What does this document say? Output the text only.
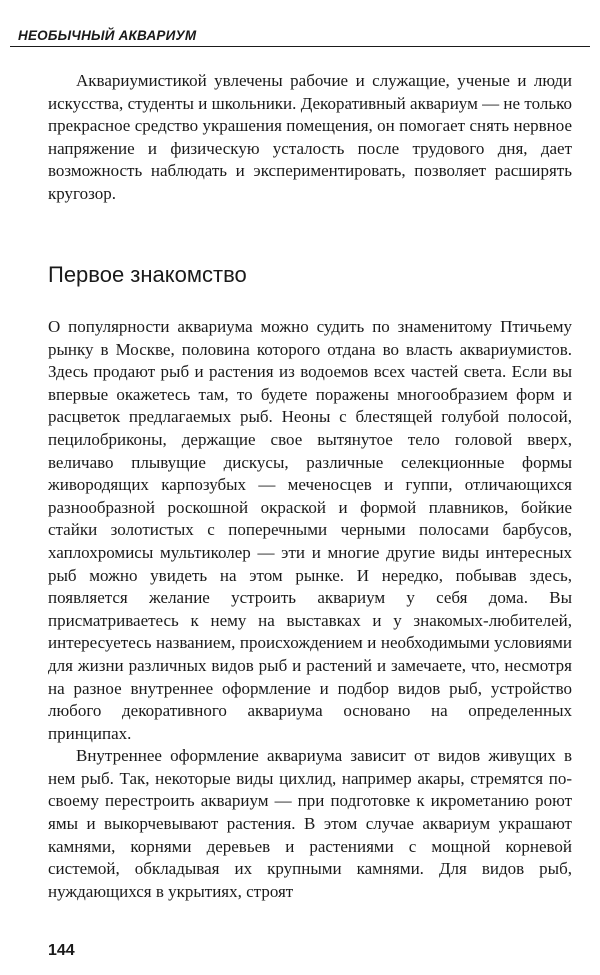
НЕОБЫЧНЫЙ АКВАРИУМ

Аквариумистикой увлечены рабочие и служащие, ученые и люди искусства, студенты и школьники. Декоративный аквариум — не только прекрасное средство украшения помещения, он помогает снять нервное напряжение и физическую усталость после трудового дня, дает возможность наблюдать и экспериментировать, позволяет расширять кругозор.

Первое знакомство

О популярности аквариума можно судить по знаменитому Птичьему рынку в Москве, половина которого отдана во власть аквариумистов. Здесь продают рыб и растения из водоемов всех частей света. Если вы впервые окажетесь там, то будете поражены многообразием форм и расцветок предлагаемых рыб. Неоны с блестящей голубой полосой, пецилобриконы, держащие свое вытянутое тело головой вверх, величаво плывущие дискусы, различные селекционные формы живородящих карпозубых — меченосцев и гуппи, отличающихся разнообразной роскошной окраской и формой плавников, бойкие стайки золотистых с поперечными черными полосами барбусов, хаплохромисы мультиколер — эти и многие другие виды интересных рыб можно увидеть на этом рынке. И нередко, побывав здесь, появляется желание устроить аквариум у себя дома. Вы присматриваетесь к нему на выставках и у знакомых-любителей, интересуетесь названием, происхождением и необходимыми условиями для жизни различных видов рыб и растений и замечаете, что, несмотря на разное внутреннее оформление и подбор видов рыб, устройство любого декоративного аквариума основано на определенных принципах.

Внутреннее оформление аквариума зависит от видов живущих в нем рыб. Так, некоторые виды цихлид, например акары, стремятся по-своему перестроить аквариум — при подготовке к икрометанию роют ямы и выкорчевывают растения. В этом случае аквариум украшают камнями, корнями деревьев и растениями с мощной корневой системой, обкладывая их крупными камнями. Для видов рыб, нуждающихся в укрытиях, строят

144
